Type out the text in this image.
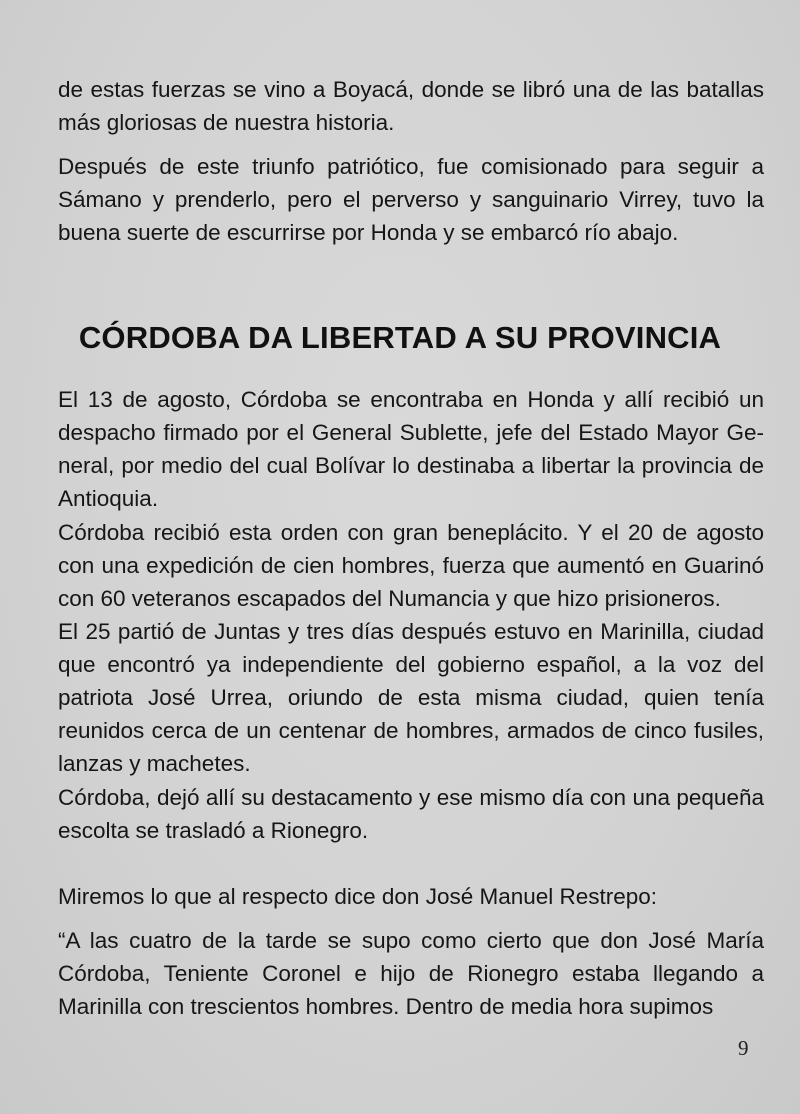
de estas fuerzas se vino a Boyacá, donde se libró una de las batallas más gloriosas de nuestra historia.

Después de este triunfo patriótico, fue comisionado para seguir a Sámano y prenderlo, pero el perverso y sanguinario Virrey, tuvo la buena suerte de escurrirse por Honda y se embarcó río abajo.

CÓRDOBA DA LIBERTAD A SU PROVINCIA

El 13 de agosto, Córdoba se encontraba en Honda y allí recibió un despacho firmado por el General Sublette, jefe del Estado Mayor General, por medio del cual Bolívar lo destinaba a libertar la provincia de Antioquia.

Córdoba recibió esta orden con gran beneplácito. Y el 20 de agosto con una expedición de cien hombres, fuerza que aumentó en Guarinó con 60 veteranos escapados del Numancia y que hizo prisioneros.

El 25 partió de Juntas y tres días después estuvo en Marinilla, ciudad que encontró ya independiente del gobierno español, a la voz del patriota José Urrea, oriundo de esta misma ciudad, quien tenía reunidos cerca de un centenar de hombres, armados de cinco fusiles, lanzas y machetes.

Córdoba, dejó allí su destacamento y ese mismo día con una pequeña escolta se trasladó a Rionegro.

Miremos lo que al respecto dice don José Manuel Restrepo:

“A las cuatro de la tarde se supo como cierto que don José María Córdoba, Teniente Coronel e hijo de Rionegro estaba llegando a Marinilla con trescientos hombres. Dentro de media hora supimos

9
